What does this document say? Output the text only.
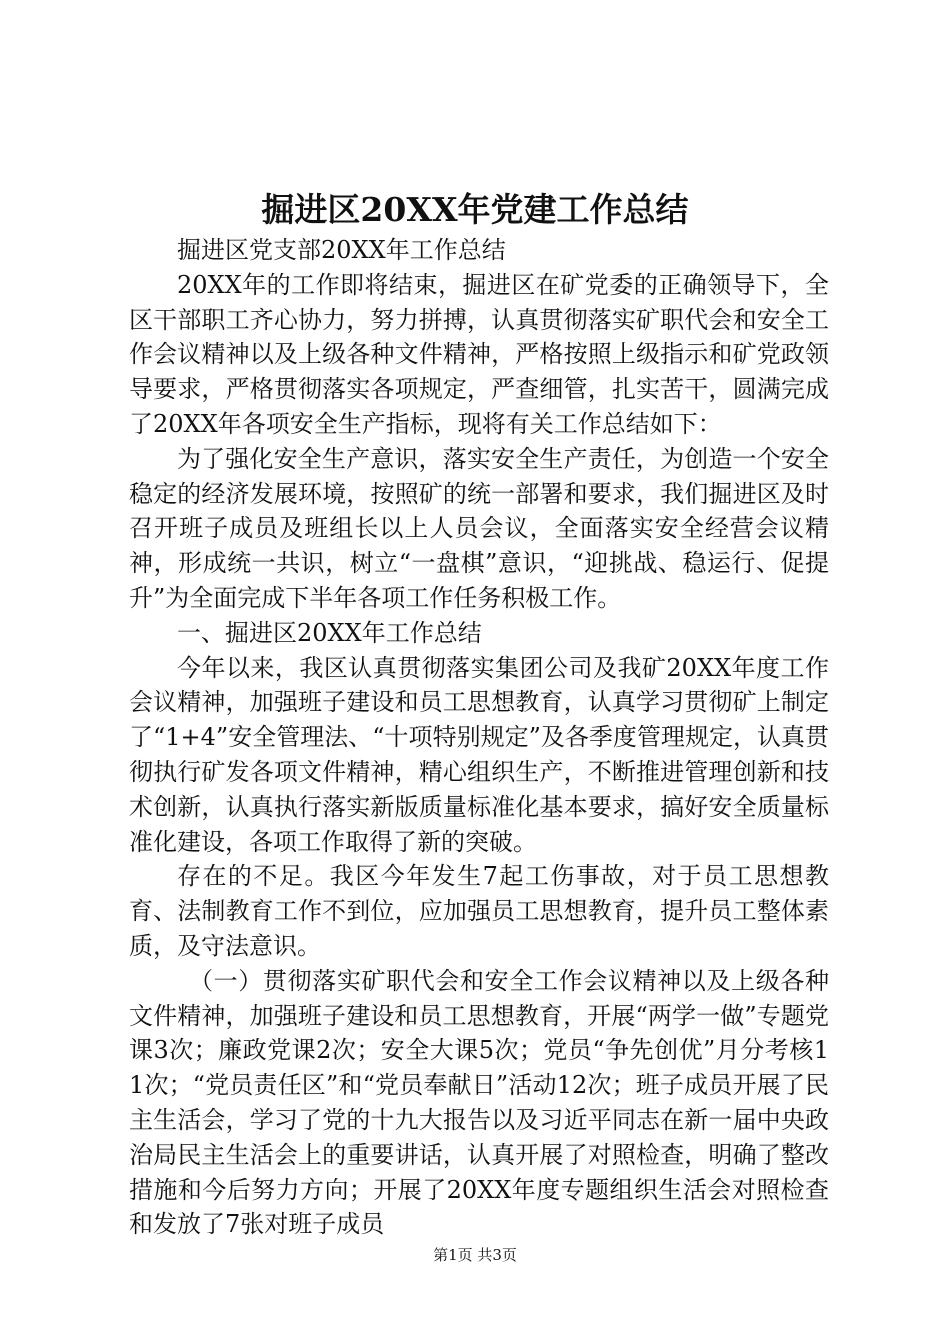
掘进区20XX年党建工作总结

掘进区党支部20XX年工作总结

20XX年的工作即将结束，掘进区在矿党委的正确领导下，全区干部职工齐心协力，努力拼搏，认真贯彻落实矿职代会和安全工作会议精神以及上级各种文件精神，严格按照上级指示和矿党政领导要求，严格贯彻落实各项规定，严查细管，扎实苦干，圆满完成了20XX年各项安全生产指标，现将有关工作总结如下：

为了强化安全生产意识，落实安全生产责任，为创造一个安全稳定的经济发展环境，按照矿的统一部署和要求，我们掘进区及时召开班子成员及班组长以上人员会议，全面落实安全经营会议精神，形成统一共识，树立“一盘棋”意识，“迎挑战、稳运行、促提升”为全面完成下半年各项工作任务积极工作。

一、掘进区20XX年工作总结

今年以来，我区认真贯彻落实集团公司及我矿20XX年度工作会议精神，加强班子建设和员工思想教育，认真学习贯彻矿上制定了“1+4”安全管理法、“十项特别规定”及各季度管理规定，认真贯彻执行矿发各项文件精神，精心组织生产，不断推进管理创新和技术创新，认真执行落实新版质量标准化基本要求，搞好安全质量标准化建设，各项工作取得了新的突破。

存在的不足。我区今年发生7起工伤事故，对于员工思想教育、法制教育工作不到位，应加强员工思想教育，提升员工整体素质，及守法意识。

（一）贯彻落实矿职代会和安全工作会议精神以及上级各种文件精神，加强班子建设和员工思想教育，开展“两学一做”专题党课3次；廉政党课2次；安全大课5次；党员“争先创优”月分考核11次；“党员责任区”和“党员奉献日”活动12次；班子成员开展了民主生活会，学习了党的十九大报告以及习近平同志在新一届中央政治局民主生活会上的重要讲话，认真开展了对照检查，明确了整改措施和今后努力方向；开展了20XX年度专题组织生活会对照检查和发放了7张对班子成员

第1页 共3页
